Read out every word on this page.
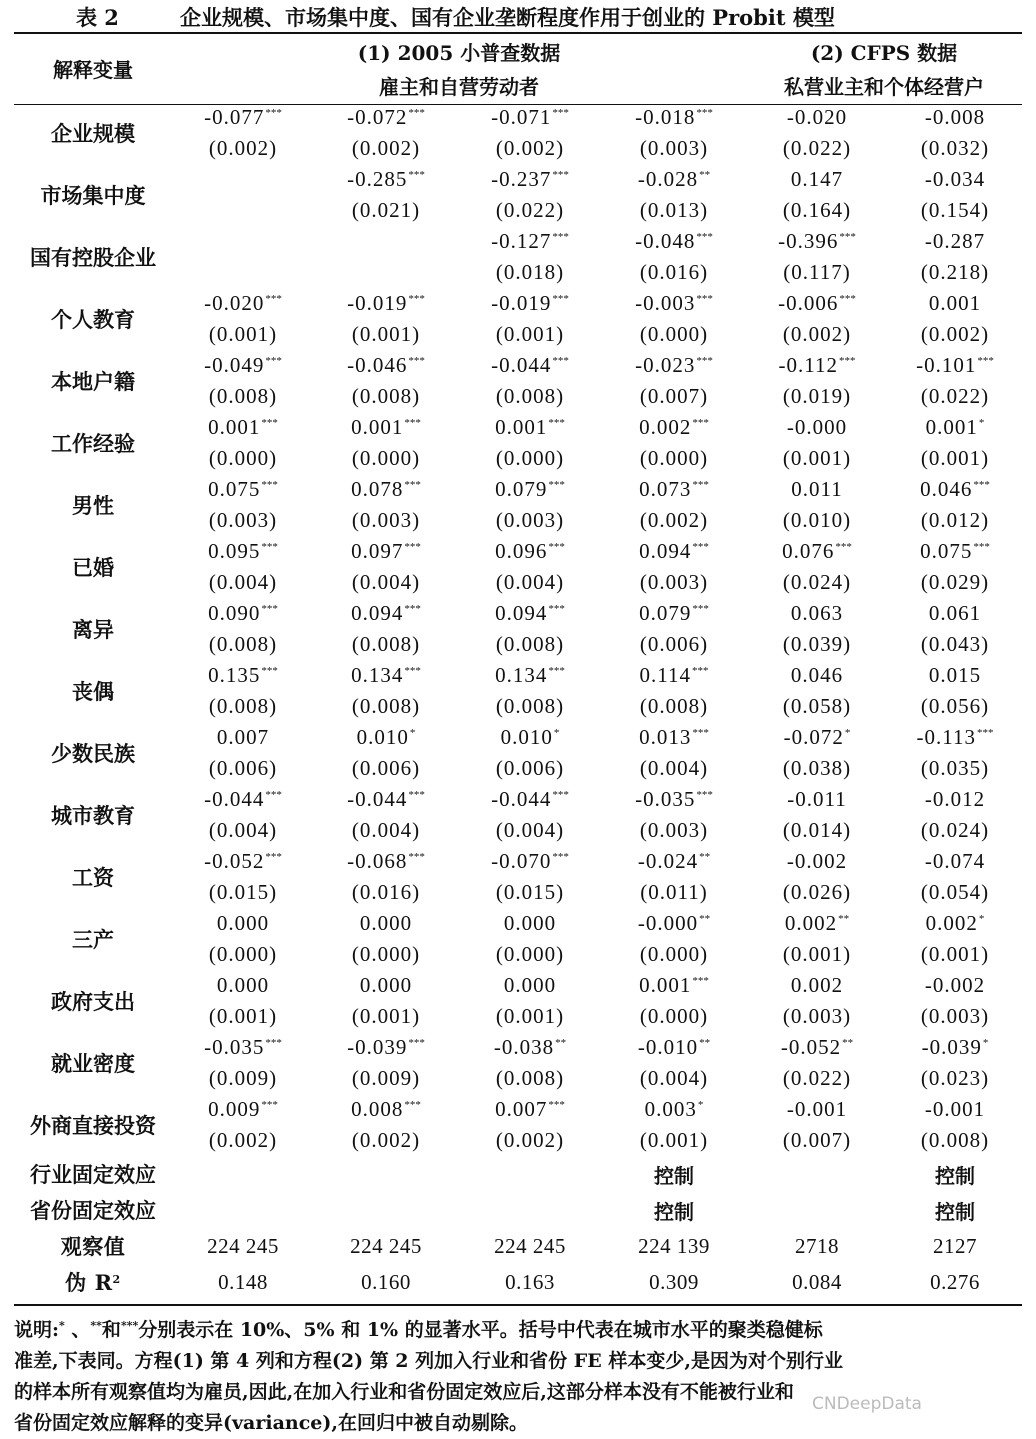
表 2	企业规模、市场集中度、国有企业垄断程度作用于创业的 Probit 模型
解释变量	(1) 2005 小普查数据				(2) CFPS 数据	
	雇主和自营劳动者				私营业主和个体经营户	
企业规模	-0.077***	-0.072***	-0.071***	-0.018***	-0.020	-0.008
	(0.002)	(0.002)	(0.002)	(0.003)	(0.022)	(0.032)
市场集中度		-0.285***	-0.237***	-0.028**	0.147	-0.034
		(0.021)	(0.022)	(0.013)	(0.164)	(0.154)
国有控股企业			-0.127***	-0.048***	-0.396***	-0.287
			(0.018)	(0.016)	(0.117)	(0.218)
个人教育	-0.020***	-0.019***	-0.019***	-0.003***	-0.006***	0.001
	(0.001)	(0.001)	(0.001)	(0.000)	(0.002)	(0.002)
本地户籍	-0.049***	-0.046***	-0.044***	-0.023***	-0.112***	-0.101***
	(0.008)	(0.008)	(0.008)	(0.007)	(0.019)	(0.022)
工作经验	0.001***	0.001***	0.001***	0.002***	-0.000	0.001*
	(0.000)	(0.000)	(0.000)	(0.000)	(0.001)	(0.001)
男性	0.075***	0.078***	0.079***	0.073***	0.011	0.046***
	(0.003)	(0.003)	(0.003)	(0.002)	(0.010)	(0.012)
已婚	0.095***	0.097***	0.096***	0.094***	0.076***	0.075***
	(0.004)	(0.004)	(0.004)	(0.003)	(0.024)	(0.029)
离异	0.090***	0.094***	0.094***	0.079***	0.063	0.061
	(0.008)	(0.008)	(0.008)	(0.006)	(0.039)	(0.043)
丧偶	0.135***	0.134***	0.134***	0.114***	0.046	0.015
	(0.008)	(0.008)	(0.008)	(0.008)	(0.058)	(0.056)
少数民族	0.007	0.010*	0.010*	0.013***	-0.072*	-0.113***
	(0.006)	(0.006)	(0.006)	(0.004)	(0.038)	(0.035)
城市教育	-0.044***	-0.044***	-0.044***	-0.035***	-0.011	-0.012
	(0.004)	(0.004)	(0.004)	(0.003)	(0.014)	(0.024)
工资	-0.052***	-0.068***	-0.070***	-0.024**	-0.002	-0.074
	(0.015)	(0.016)	(0.015)	(0.011)	(0.026)	(0.054)
三产	0.000	0.000	0.000	-0.000**	0.002**	0.002*
	(0.000)	(0.000)	(0.000)	(0.000)	(0.001)	(0.001)
政府支出	0.000	0.000	0.000	0.001***	0.002	-0.002
	(0.001)	(0.001)	(0.001)	(0.000)	(0.003)	(0.003)
就业密度	-0.035***	-0.039***	-0.038**	-0.010**	-0.052**	-0.039*
	(0.009)	(0.009)	(0.008)	(0.004)	(0.022)	(0.023)
外商直接投资	0.009***	0.008***	0.007***	0.003*	-0.001	-0.001
	(0.002)	(0.002)	(0.002)	(0.001)	(0.007)	(0.008)
行业固定效应				控制		控制
省份固定效应				控制		控制
观察值	224 245	224 245	224 245	224 139	2718	2127
伪 $R^2$	0.148	0.160	0.163	0.309	0.084	0.276
说明:* 、**和***分别表示在 10%、5% 和 1% 的显著水平。括号中代表在城市水平的聚类稳健标
准差,下表同。方程(1) 第 4 列和方程(2) 第 2 列加入行业和省份 FE 样本变少,是因为对个别行业
的样本所有观察值均为雇员,因此,在加入行业和省份固定效应后,这部分样本没有不能被行业和
省份固定效应解释的变异(variance),在回归中被自动剔除。
CNDeepData
